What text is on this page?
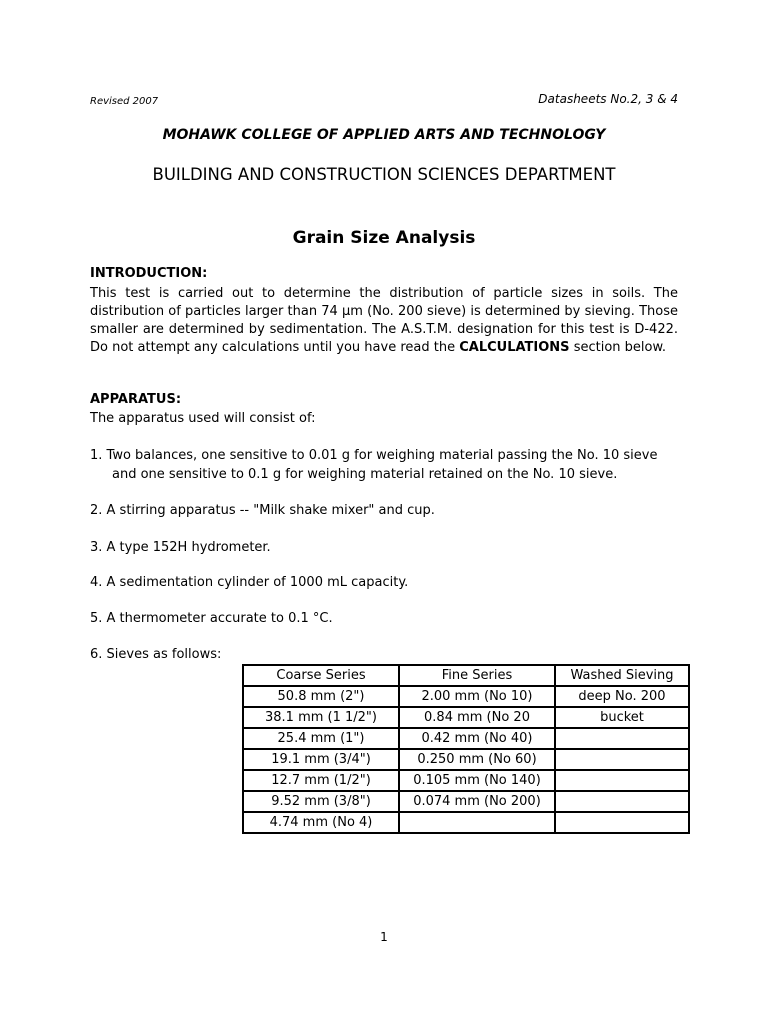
Revised 2007	Datasheets No.2, 3 & 4
MOHAWK COLLEGE OF APPLIED ARTS AND TECHNOLOGY
BUILDING AND CONSTRUCTION SCIENCES DEPARTMENT
Grain Size Analysis
INTRODUCTION:
This test is carried out to determine the distribution of particle sizes in soils. The distribution of particles larger than 74 µm (No. 200 sieve) is determined by sieving. Those smaller are determined by sedimentation. The A.S.T.M. designation for this test is D-422. Do not attempt any calculations until you have read the CALCULATIONS section below.
APPARATUS:
The apparatus used will consist of:
1. Two balances, one sensitive to 0.01 g for weighing material passing the No. 10 sieve
and one sensitive to 0.1 g for weighing material retained on the No. 10 sieve.
2. A stirring apparatus -- "Milk shake mixer" and cup.
3. A type 152H hydrometer.
4. A sedimentation cylinder of 1000 mL capacity.
5. A thermometer accurate to 0.1 °C.
6. Sieves as follows:
Coarse Series	Fine Series	Washed Sieving
50.8 mm (2")	2.00 mm (No 10)	deep No. 200
38.1 mm (1 1/2")	0.84 mm (No 20	bucket
25.4 mm (1")	0.42 mm (No 40)	
19.1 mm (3/4")	0.250 mm (No 60)	
12.7 mm (1/2")	0.105 mm (No 140)	
9.52 mm (3/8")	0.074 mm (No 200)	
4.74 mm (No 4)		
1
